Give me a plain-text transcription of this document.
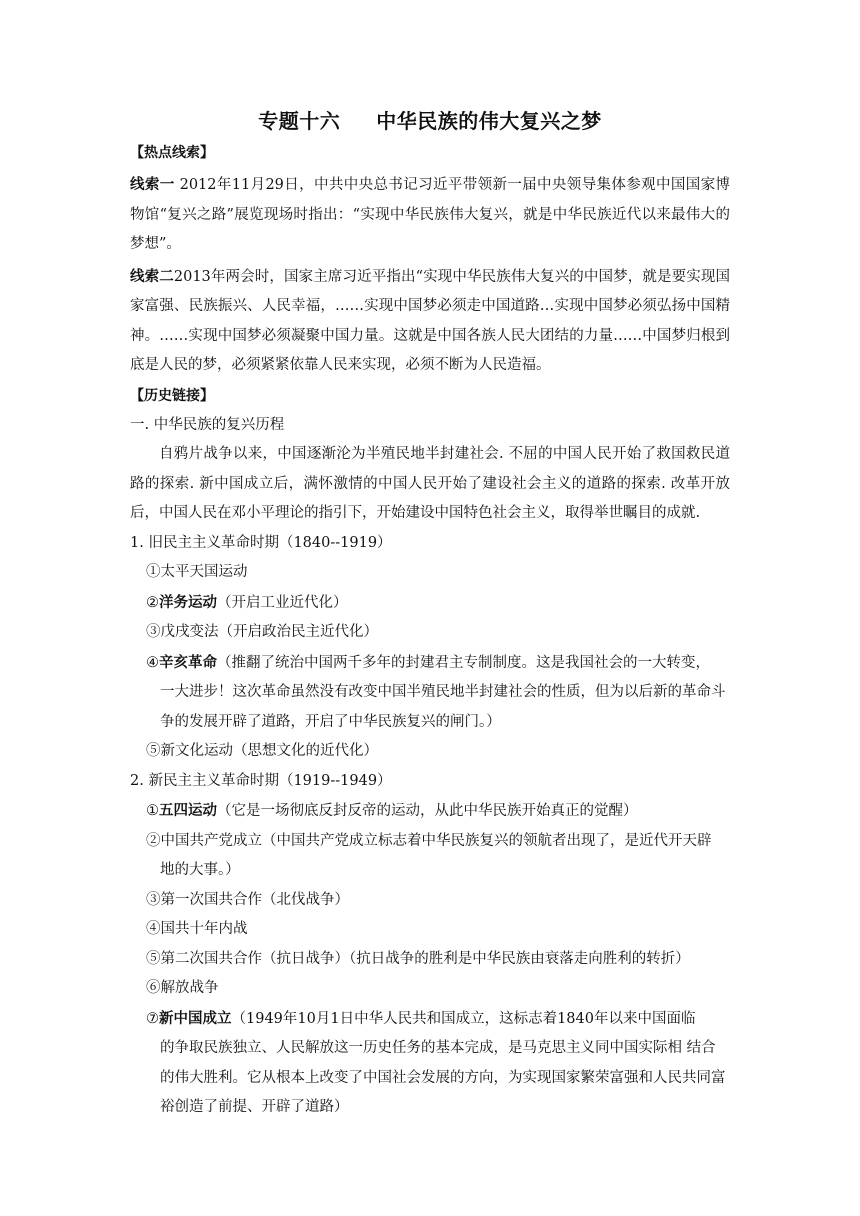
专题十六 中华民族的伟大复兴之梦
【热点线索】
线索一 2012年11月29日，中共中央总书记习近平带领新一届中央领导集体参观中国国家博物馆“复兴之路”展览现场时指出：“实现中华民族伟大复兴，就是中华民族近代以来最伟大的梦想”。
线索二2013年两会时，国家主席习近平指出“实现中华民族伟大复兴的中国梦，就是要实现国家富强、民族振兴、人民幸福，……实现中国梦必须走中国道路…实现中国梦必须弘扬中国精神。……实现中国梦必须凝聚中国力量。这就是中国各族人民大团结的力量……中国梦归根到底是人民的梦，必须紧紧依靠人民来实现，必须不断为人民造福。
【历史链接】
一. 中华民族的复兴历程
自鸦片战争以来，中国逐渐沦为半殖民地半封建社会. 不屈的中国人民开始了救国救民道路的探索. 新中国成立后，满怀激情的中国人民开始了建设社会主义的道路的探索. 改革开放后，中国人民在邓小平理论的指引下，开始建设中国特色社会主义，取得举世瞩目的成就.
1. 旧民主主义革命时期（1840--1919）
①太平天国运动
②洋务运动（开启工业近代化）
③戊戌变法（开启政治民主近代化）
④辛亥革命（推翻了统治中国两千多年的封建君主专制制度。这是我国社会的一大转变，
一大进步！这次革命虽然没有改变中国半殖民地半封建社会的性质，但为以后新的革命斗争的发展开辟了道路，开启了中华民族复兴的闸门。）
⑤新文化运动（思想文化的近代化）
2. 新民主主义革命时期（1919--1949）
①五四运动（它是一场彻底反封反帝的运动，从此中华民族开始真正的觉醒）
②中国共产党成立（中国共产党成立标志着中华民族复兴的领航者出现了，是近代开天辟
地的大事。）
③第一次国共合作（北伐战争）
④国共十年内战
⑤第二次国共合作（抗日战争）（抗日战争的胜利是中华民族由衰落走向胜利的转折）
⑥解放战争
⑦新中国成立（1949年10月1日中华人民共和国成立，这标志着1840年以来中国面临
的争取民族独立、人民解放这一历史任务的基本完成，是马克思主义同中国实际相 结合的伟大胜利。它从根本上改变了中国社会发展的方向，为实现国家繁荣富强和人民共同富裕创造了前提、开辟了道路）
